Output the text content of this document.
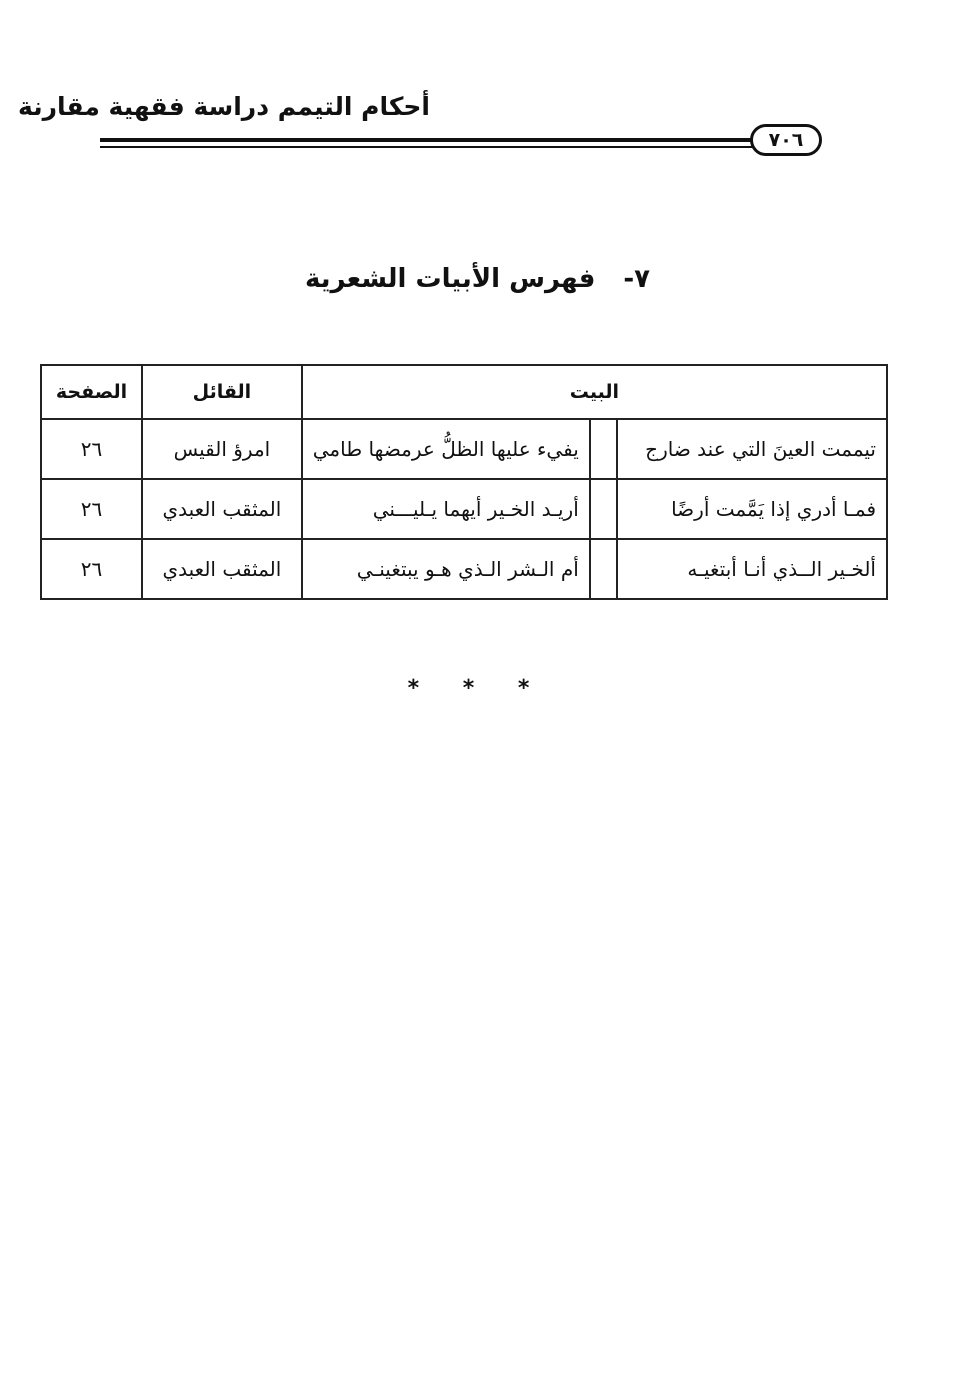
أحكام التيمم دراسة فقهية مقارنة
٧٠٦
٧-فهرس الأبيات الشعرية
البيت			القائل	الصفحة
تيممت العينَ التي عند ضارج		يفيء عليها الظلُّ عرمضها طامي	امرؤ القيس	٢٦
فمـا أدري إذا يَمَّمت أرضًا		أريـد الخـير أيهما يـليـــني	المثقب العبدي	٢٦
ألخـير الــذي أنـا أبتغيـه		أم الـشر الـذي هـو يبتغينـي	المثقب العبدي	٢٦
* * *
